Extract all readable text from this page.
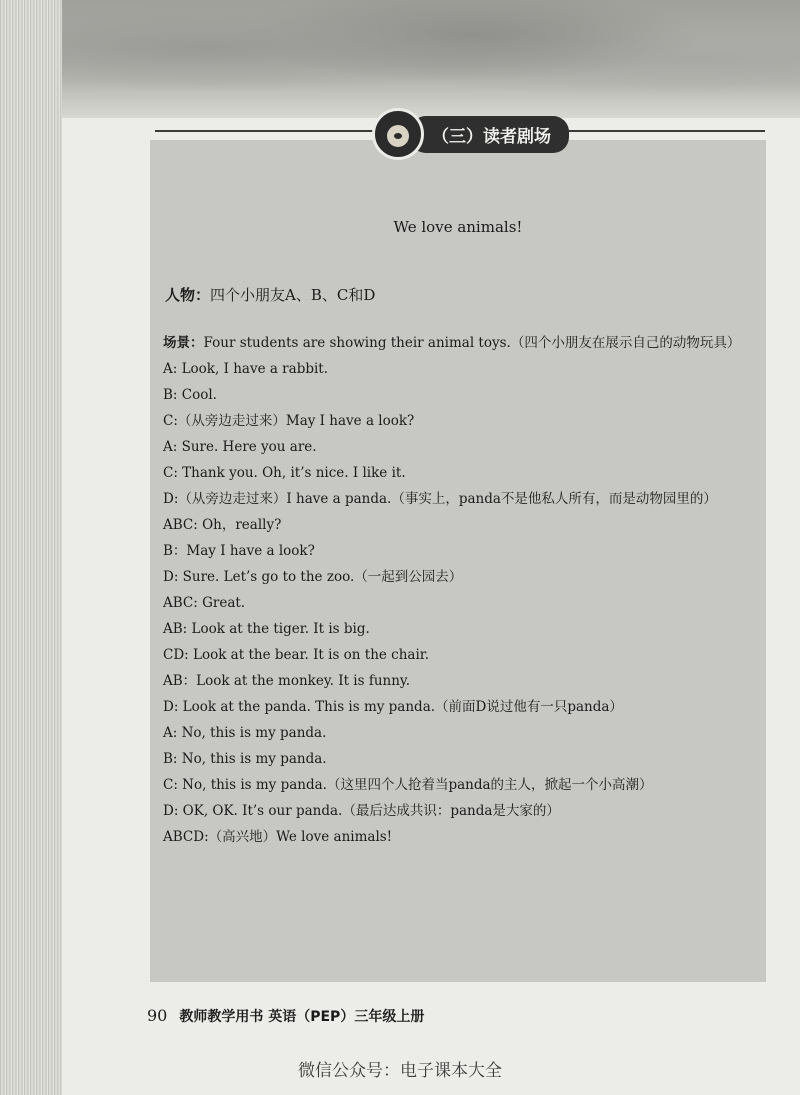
（三）读者剧场
We love animals!
人物：四个小朋友A、B、C和D
场景：Four students are showing their animal toys.（四个小朋友在展示自己的动物玩具）
A: Look, I have a rabbit.
B: Cool.
C:（从旁边走过来）May I have a look?
A: Sure. Here you are.
C: Thank you. Oh, it’s nice. I like it.
D:（从旁边走过来）I have a panda.（事实上，panda不是他私人所有，而是动物园里的）
ABC: Oh，really?
B：May I have a look?
D: Sure. Let’s go to the zoo.（一起到公园去）
ABC: Great.
AB: Look at the tiger. It is big.
CD: Look at the bear. It is on the chair.
AB：Look at the monkey. It is funny.
D: Look at the panda. This is my panda.（前面D说过他有一只panda）
A: No, this is my panda.
B: No, this is my panda.
C: No, this is my panda.（这里四个人抢着当panda的主人，掀起一个小高潮）
D: OK, OK. It’s our panda.（最后达成共识：panda是大家的）
ABCD:（高兴地）We love animals!
90 教师教学用书 英语（PEP）三年级上册
微信公众号：电子课本大全
